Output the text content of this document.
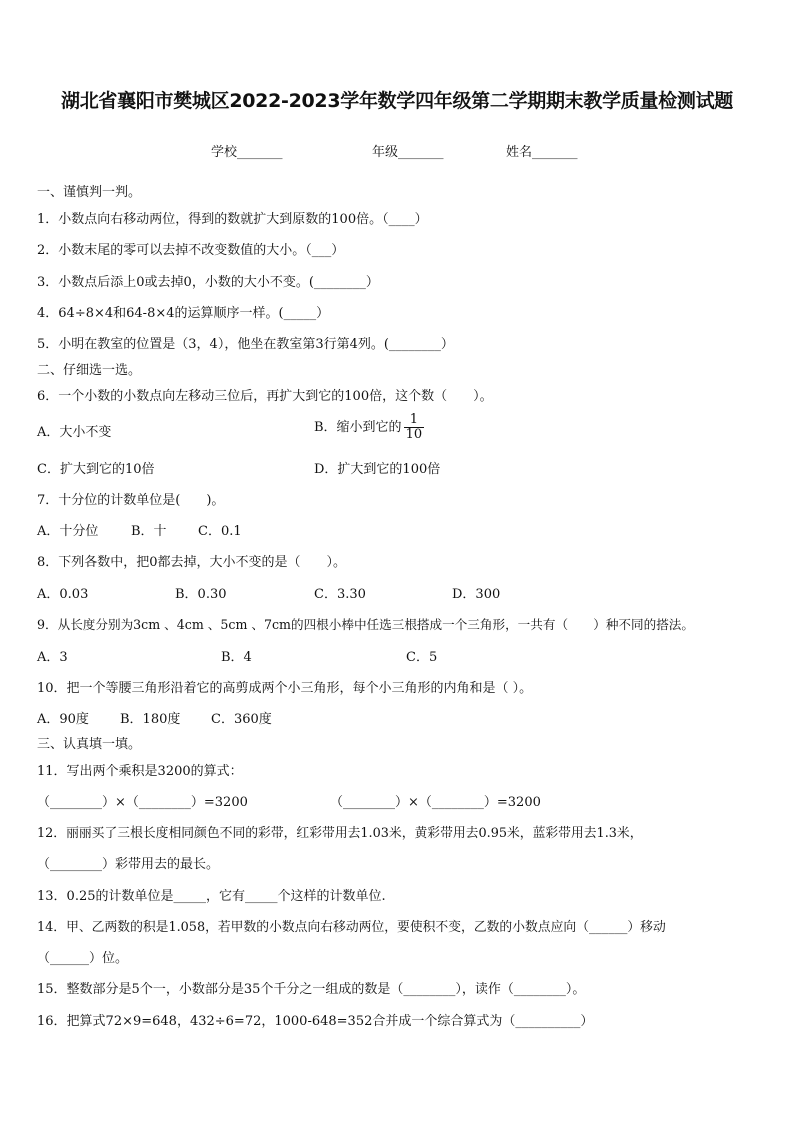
湖北省襄阳市樊城区2022-2023学年数学四年级第二学期期末教学质量检测试题
学校_______	年级_______	姓名_______
一、谨慎判一判。
1．小数点向右移动两位，得到的数就扩大到原数的100倍。（____）
2．小数末尾的零可以去掉不改变数值的大小。（___）
3．小数点后添上0或去掉0，小数的大小不变。(________）
4．64÷8×4和64-8×4的运算顺序一样。(_____）
5．小明在教室的位置是（3，4），他坐在教室第3行第4列。(________）
二、仔细选一选。
6．一个小数的小数点向左移动三位后，再扩大到它的100倍，这个数（　　）。
A．大小不变	B．缩小到它的 $\frac{1}{10}$
C．扩大到它的10倍	D．扩大到它的100倍
7．十分位的计数单位是(　　)。
A．十分位	B．十 C．0.1
8．下列各数中，把0都去掉，大小不变的是（　　）。
A．0.03	B．0.30	C．3.30	D．300
9．从长度分别为3cm 、4cm 、5cm 、7cm的四根小棒中任选三根搭成一个三角形，一共有（　　）种不同的搭法。
A．3	B．4	C．5
10．把一个等腰三角形沿着它的高剪成两个小三角形，每个小三角形的内角和是（ ）。
A．90度 B．180度 C．360度
三、认真填一填。
11．写出两个乘积是3200的算式：
（________）×（________）=3200	（________）×（________）=3200
12．丽丽买了三根长度相同颜色不同的彩带，红彩带用去1.03米，黄彩带用去0.95米，蓝彩带用去1.3米，
（________）彩带用去的最长。
13．0.25的计数单位是_____，它有_____个这样的计数单位.
14．甲、乙两数的积是1.058，若甲数的小数点向右移动两位，要使积不变，乙数的小数点应向（______）移动
（______）位。
15．整数部分是5个一，小数部分是35个千分之一组成的数是（________），读作（________）。
16．把算式72×9=648，432÷6=72，1000-648=352合并成一个综合算式为（__________）
